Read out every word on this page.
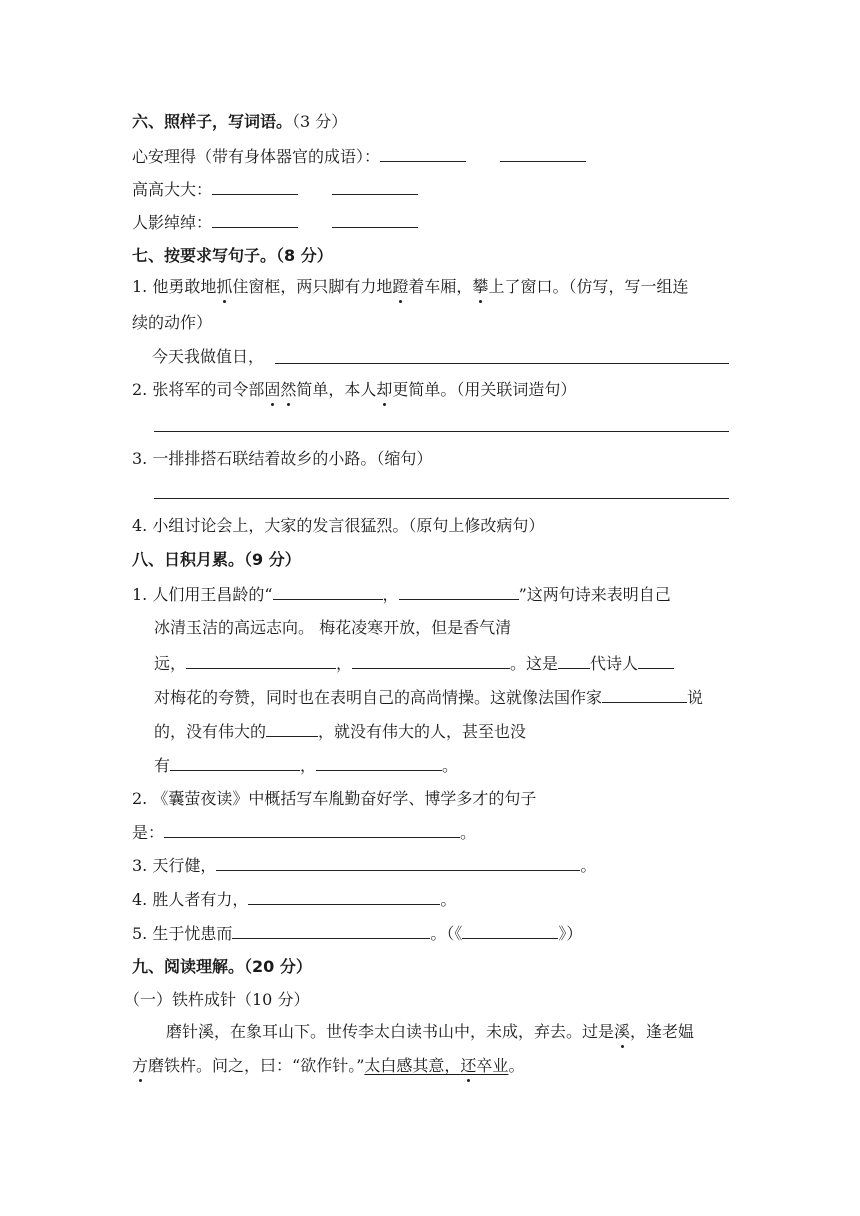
六、照样子，写词语。（3 分）
心安理得（带有身体器官的成语）：
高高大大：
人影绰绰：
七、按要求写句子。（8 分）
1. 他勇敢地抓住窗框，两只脚有力地蹬着车厢，攀上了窗口。（仿写，写一组连
续的动作）
今天我做值日，
2. 张将军的司令部固然简单，本人却更简单。（用关联词造句）
3. 一排排搭石联结着故乡的小路。（缩句）
4. 小组讨论会上，大家的发言很猛烈。（原句上修改病句）
八、日积月累。（9 分）
1. 人们用王昌龄的“	，	”这两句诗来表明自己
冰清玉洁的高远志向。 梅花凌寒开放，但是香气清
远，	，	。这是 代诗人
对梅花的夸赞，同时也在表明自己的高尚情操。这就像法国作家	说
的，没有伟大的	，就没有伟大的人，甚至也没
有	，	。
2. 《囊萤夜读》中概括写车胤勤奋好学、博学多才的句子
是：	。
3. 天行健，	。
4. 胜人者有力，	。
5. 生于忧患而	。（《	》）
九、阅读理解。（20 分）
（一）铁杵成针（10 分）
磨针溪，在象耳山下。世传李太白读书山中，未成，弃去。过是溪，逢老媪
方磨铁杵。问之，曰：“欲作针。”太白感其意，还卒业。
